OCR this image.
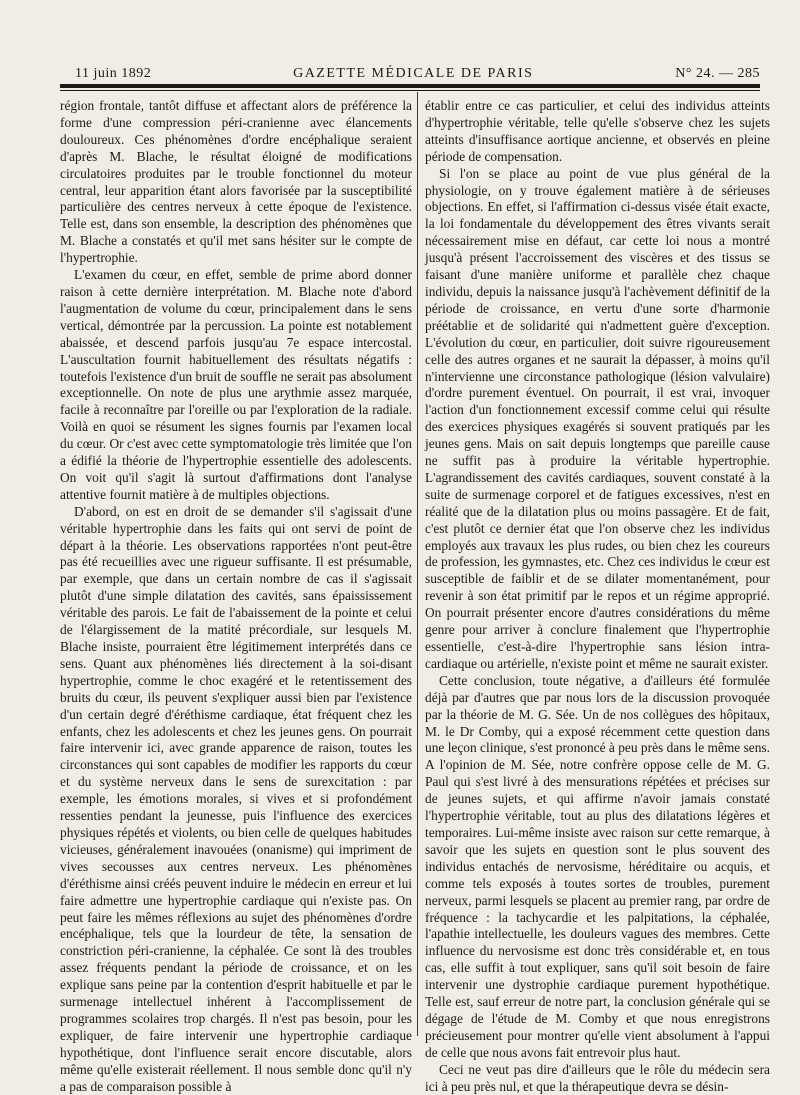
11 juin 1892	GAZETTE MÉDICALE DE PARIS	N° 24. — 285

région frontale, tantôt diffuse et affectant alors de préférence la forme d'une compression péri-cranienne avec élancements douloureux. Ces phénomènes d'ordre encéphalique seraient d'après M. Blache, le résultat éloigné de modifications circulatoires produites par le trouble fonctionnel du moteur central, leur apparition étant alors favorisée par la susceptibilité particulière des centres nerveux à cette époque de l'existence. Telle est, dans son ensemble, la description des phénomènes que M. Blache a constatés et qu'il met sans hésiter sur le compte de l'hypertrophie.

L'examen du cœur, en effet, semble de prime abord donner raison à cette dernière interprétation. M. Blache note d'abord l'augmentation de volume du cœur, principalement dans le sens vertical, démontrée par la percussion. La pointe est notablement abaissée, et descend parfois jusqu'au 7e espace intercostal. L'auscultation fournit habituellement des résultats négatifs : toutefois l'existence d'un bruit de souffle ne serait pas absolument exceptionnelle. On note de plus une arythmie assez marquée, facile à reconnaître par l'oreille ou par l'exploration de la radiale. Voilà en quoi se résument les signes fournis par l'examen local du cœur. Or c'est avec cette symptomatologie très limitée que l'on a édifié la théorie de l'hypertrophie essentielle des adolescents. On voit qu'il s'agit là surtout d'affirmations dont l'analyse attentive fournit matière à de multiples objections.

D'abord, on est en droit de se demander s'il s'agissait d'une véritable hypertrophie dans les faits qui ont servi de point de départ à la théorie. Les observations rapportées n'ont peut-être pas été recueillies avec une rigueur suffisante. Il est présumable, par exemple, que dans un certain nombre de cas il s'agissait plutôt d'une simple dilatation des cavités, sans épaississement véritable des parois. Le fait de l'abaissement de la pointe et celui de l'élargissement de la matité précordiale, sur lesquels M. Blache insiste, pourraient être légitimement interprétés dans ce sens. Quant aux phénomènes liés directement à la soi-disant hypertrophie, comme le choc exagéré et le retentissement des bruits du cœur, ils peuvent s'expliquer aussi bien par l'existence d'un certain degré d'éréthisme cardiaque, état fréquent chez les enfants, chez les adolescents et chez les jeunes gens. On pourrait faire intervenir ici, avec grande apparence de raison, toutes les circonstances qui sont capables de modifier les rapports du cœur et du système nerveux dans le sens de surexcitation : par exemple, les émotions morales, si vives et si profondément ressenties pendant la jeunesse, puis l'influence des exercices physiques répétés et violents, ou bien celle de quelques habitudes vicieuses, généralement inavouées (onanisme) qui impriment de vives secousses aux centres nerveux. Les phénomènes d'éréthisme ainsi créés peuvent induire le médecin en erreur et lui faire admettre une hypertrophie cardiaque qui n'existe pas. On peut faire les mêmes réflexions au sujet des phénomènes d'ordre encéphalique, tels que la lourdeur de tête, la sensation de constriction péri-cranienne, la céphalée. Ce sont là des troubles assez fréquents pendant la période de croissance, et on les explique sans peine par la contention d'esprit habituelle et par le surmenage intellectuel inhérent à l'accomplissement de programmes scolaires trop chargés. Il n'est pas besoin, pour les expliquer, de faire intervenir une hypertrophie cardiaque hypothétique, dont l'influence serait encore discutable, alors même qu'elle existerait réellement. Il nous semble donc qu'il n'y a pas de comparaison possible à

établir entre ce cas particulier, et celui des individus atteints d'hypertrophie véritable, telle qu'elle s'observe chez les sujets atteints d'insuffisance aortique ancienne, et observés en pleine période de compensation.

Si l'on se place au point de vue plus général de la physiologie, on y trouve également matière à de sérieuses objections. En effet, si l'affirmation ci-dessus visée était exacte, la loi fondamentale du développement des êtres vivants serait nécessairement mise en défaut, car cette loi nous a montré jusqu'à présent l'accroissement des viscères et des tissus se faisant d'une manière uniforme et parallèle chez chaque individu, depuis la naissance jusqu'à l'achèvement définitif de la période de croissance, en vertu d'une sorte d'harmonie préétablie et de solidarité qui n'admettent guère d'exception. L'évolution du cœur, en particulier, doit suivre rigoureusement celle des autres organes et ne saurait la dépasser, à moins qu'il n'intervienne une circonstance pathologique (lésion valvulaire) d'ordre purement éventuel. On pourrait, il est vrai, invoquer l'action d'un fonctionnement excessif comme celui qui résulte des exercices physiques exagérés si souvent pratiqués par les jeunes gens. Mais on sait depuis longtemps que pareille cause ne suffit pas à produire la véritable hypertrophie. L'agrandissement des cavités cardiaques, souvent constaté à la suite de surmenage corporel et de fatigues excessives, n'est en réalité que de la dilatation plus ou moins passagère. Et de fait, c'est plutôt ce dernier état que l'on observe chez les individus employés aux travaux les plus rudes, ou bien chez les coureurs de profession, les gymnastes, etc. Chez ces individus le cœur est susceptible de faiblir et de se dilater momentanément, pour revenir à son état primitif par le repos et un régime approprié. On pourrait présenter encore d'autres considérations du même genre pour arriver à conclure finalement que l'hypertrophie essentielle, c'est-à-dire l'hypertrophie sans lésion intra-cardiaque ou artérielle, n'existe point et même ne saurait exister.

Cette conclusion, toute négative, a d'ailleurs été formulée déjà par d'autres que par nous lors de la discussion provoquée par la théorie de M. G. Sée. Un de nos collègues des hôpitaux, M. le Dr Comby, qui a exposé récemment cette question dans une leçon clinique, s'est prononcé à peu près dans le même sens. A l'opinion de M. Sée, notre confrère oppose celle de M. G. Paul qui s'est livré à des mensurations répétées et précises sur de jeunes sujets, et qui affirme n'avoir jamais constaté l'hypertrophie véritable, tout au plus des dilatations légères et temporaires. Lui-même insiste avec raison sur cette remarque, à savoir que les sujets en question sont le plus souvent des individus entachés de nervosisme, héréditaire ou acquis, et comme tels exposés à toutes sortes de troubles, purement nerveux, parmi lesquels se placent au premier rang, par ordre de fréquence : la tachycardie et les palpitations, la céphalée, l'apathie intellectuelle, les douleurs vagues des membres. Cette influence du nervosisme est donc très considérable et, en tous cas, elle suffit à tout expliquer, sans qu'il soit besoin de faire intervenir une dystrophie cardiaque purement hypothétique. Telle est, sauf erreur de notre part, la conclusion générale qui se dégage de l'étude de M. Comby et que nous enregistrons précieusement pour montrer qu'elle vient absolument à l'appui de celle que nous avons fait entrevoir plus haut.

Ceci ne veut pas dire d'ailleurs que le rôle du médecin sera ici à peu près nul, et que la thérapeutique devra se désin-
